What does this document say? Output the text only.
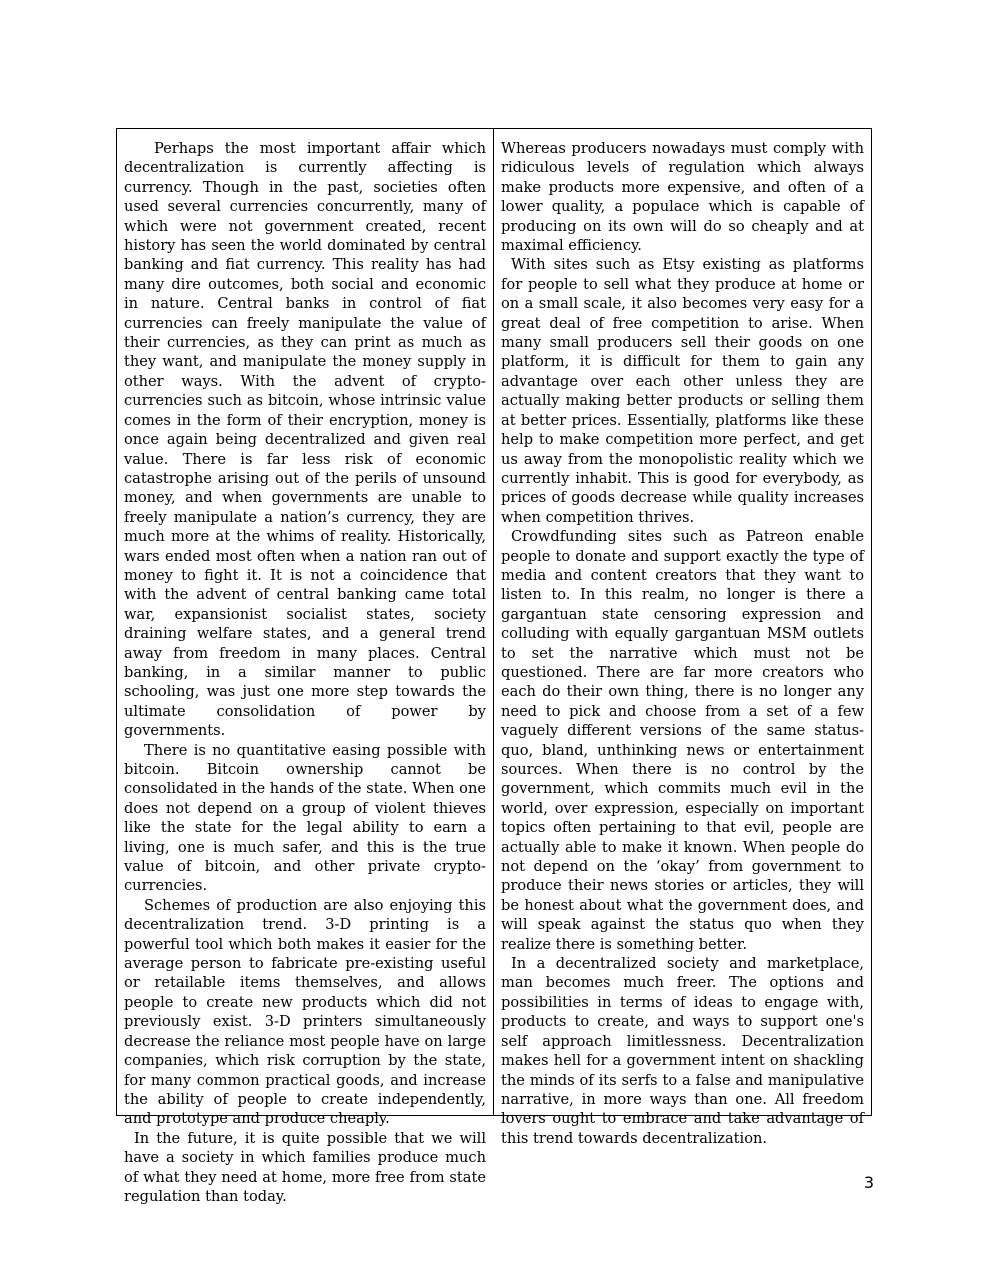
Perhaps the most important affair which decentralization is currently affecting is currency. Though in the past, societies often used several currencies concurrently, many of which were not government created, recent history has seen the world dominated by central banking and fiat currency. This reality has had many dire outcomes, both social and economic in nature. Central banks in control of fiat currencies can freely manipulate the value of their currencies, as they can print as much as they want, and manipulate the money supply in other ways. With the advent of crypto-currencies such as bitcoin, whose intrinsic value comes in the form of their encryption, money is once again being decentralized and given real value. There is far less risk of economic catastrophe arising out of the perils of unsound money, and when governments are unable to freely manipulate a nation’s currency, they are much more at the whims of reality. Historically, wars ended most often when a nation ran out of money to fight it. It is not a coincidence that with the advent of central banking came total war, expansionist socialist states, society draining welfare states, and a general trend away from freedom in many places. Central banking, in a similar manner to public schooling, was just one more step towards the ultimate consolidation of power by governments.

There is no quantitative easing possible with bitcoin. Bitcoin ownership cannot be consolidated in the hands of the state. When one does not depend on a group of violent thieves like the state for the legal ability to earn a living, one is much safer, and this is the true value of bitcoin, and other private crypto-currencies.

Schemes of production are also enjoying this decentralization trend. 3-D printing is a powerful tool which both makes it easier for the average person to fabricate pre-existing useful or retailable items themselves, and allows people to create new products which did not previously exist. 3-D printers simultaneously decrease the reliance most people have on large companies, which risk corruption by the state, for many common practical goods, and increase the ability of people to create independently, and prototype and produce cheaply.

In the future, it is quite possible that we will have a society in which families produce much of what they need at home, more free from state regulation than today.

Whereas producers nowadays must comply with ridiculous levels of regulation which always make products more expensive, and often of a lower quality, a populace which is capable of producing on its own will do so cheaply and at maximal efficiency.

With sites such as Etsy existing as platforms for people to sell what they produce at home or on a small scale, it also becomes very easy for a great deal of free competition to arise. When many small producers sell their goods on one platform, it is difficult for them to gain any advantage over each other unless they are actually making better products or selling them at better prices. Essentially, platforms like these help to make competition more perfect, and get us away from the monopolistic reality which we currently inhabit. This is good for everybody, as prices of goods decrease while quality increases when competition thrives.

Crowdfunding sites such as Patreon enable people to donate and support exactly the type of media and content creators that they want to listen to. In this realm, no longer is there a gargantuan state censoring expression and colluding with equally gargantuan MSM outlets to set the narrative which must not be questioned. There are far more creators who each do their own thing, there is no longer any need to pick and choose from a set of a few vaguely different versions of the same status-quo, bland, unthinking news or entertainment sources. When there is no control by the government, which commits much evil in the world, over expression, especially on important topics often pertaining to that evil, people are actually able to make it known. When people do not depend on the ‘okay’ from government to produce their news stories or articles, they will be honest about what the government does, and will speak against the status quo when they realize there is something better.

In a decentralized society and marketplace, man becomes much freer. The options and possibilities in terms of ideas to engage with, products to create, and ways to support one's self approach limitlessness. Decentralization makes hell for a government intent on shackling the minds of its serfs to a false and manipulative narrative, in more ways than one. All freedom lovers ought to embrace and take advantage of this trend towards decentralization.

3
